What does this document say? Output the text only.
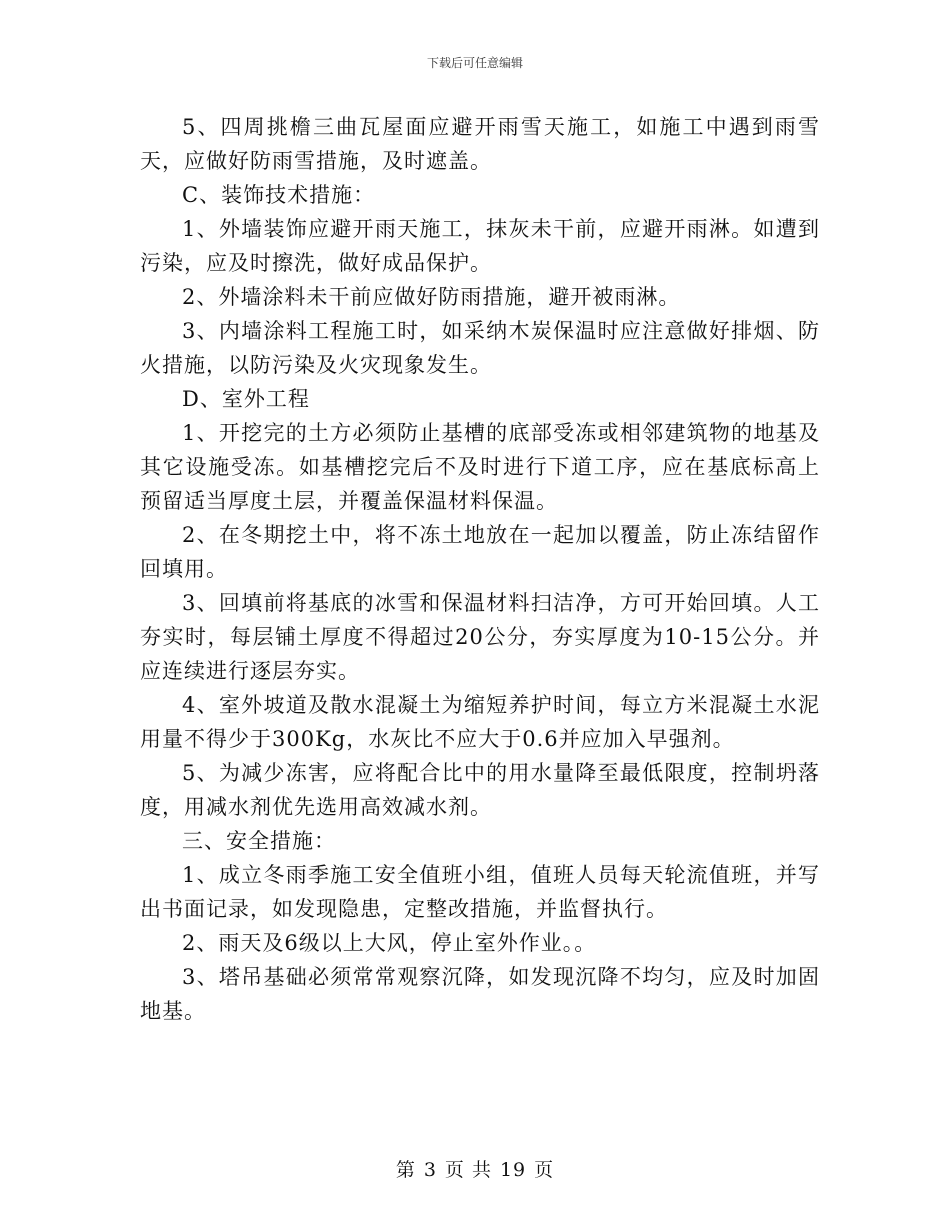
下载后可任意编辑

5、四周挑檐三曲瓦屋面应避开雨雪天施工，如施工中遇到雨雪天，应做好防雨雪措施，及时遮盖。

C、装饰技术措施：

1、外墙装饰应避开雨天施工，抹灰未干前，应避开雨淋。如遭到污染，应及时擦洗，做好成品保护。

2、外墙涂料未干前应做好防雨措施，避开被雨淋。

3、内墙涂料工程施工时，如采纳木炭保温时应注意做好排烟、防火措施，以防污染及火灾现象发生。

D、室外工程

1、开挖完的土方必须防止基槽的底部受冻或相邻建筑物的地基及其它设施受冻。如基槽挖完后不及时进行下道工序，应在基底标高上预留适当厚度土层，并覆盖保温材料保温。

2、在冬期挖土中，将不冻土地放在一起加以覆盖，防止冻结留作回填用。

3、回填前将基底的冰雪和保温材料扫洁净，方可开始回填。人工夯实时，每层铺土厚度不得超过20公分，夯实厚度为10-15公分。并应连续进行逐层夯实。

4、室外坡道及散水混凝土为缩短养护时间，每立方米混凝土水泥用量不得少于300Kg，水灰比不应大于0.6并应加入早强剂。

5、为减少冻害，应将配合比中的用水量降至最低限度，控制坍落度，用减水剂优先选用高效减水剂。

三、安全措施：

1、成立冬雨季施工安全值班小组，值班人员每天轮流值班，并写出书面记录，如发现隐患，定整改措施，并监督执行。

2、雨天及6级以上大风，停止室外作业。。

3、塔吊基础必须常常观察沉降，如发现沉降不均匀，应及时加固地基。

第 3 页 共 19 页
